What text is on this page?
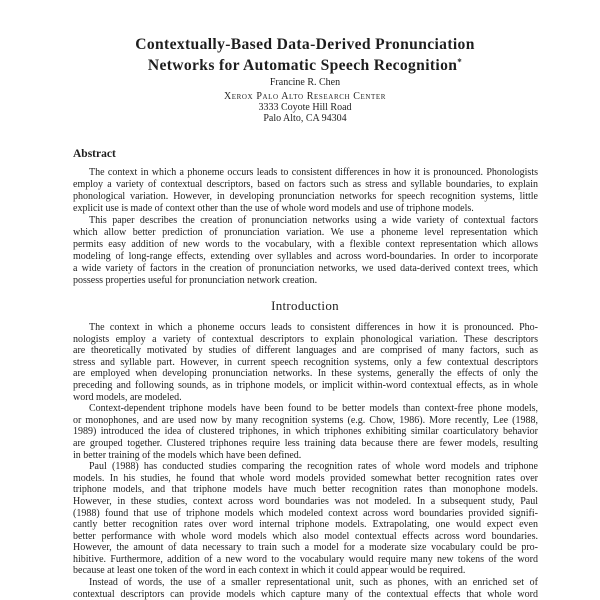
Contextually-Based Data-Derived Pronunciation
Networks for Automatic Speech Recognition*
Francine R. Chen
Xerox Palo Alto Research Center
3333 Coyote Hill Road
Palo Alto, CA 94304
Abstract
The context in which a phoneme occurs leads to consistent differences in how it is pronounced. Phonologists
employ a variety of contextual descriptors, based on factors such as stress and syllable boundaries, to explain
phonological variation. However, in developing pronunciation networks for speech recognition systems, little
explicit use is made of context other than the use of whole word models and use of triphone models.
This paper describes the creation of pronunciation networks using a wide variety of contextual factors
which allow better prediction of pronunciation variation. We use a phoneme level representation which
permits easy addition of new words to the vocabulary, with a flexible context representation which allows
modeling of long-range effects, extending over syllables and across word-boundaries. In order to incorporate
a wide variety of factors in the creation of pronunciation networks, we used data-derived context trees, which
possess properties useful for pronunciation network creation.
Introduction
The context in which a phoneme occurs leads to consistent differences in how it is pronounced. Pho-
nologists employ a variety of contextual descriptors to explain phonological variation. These descriptors
are theoretically motivated by studies of different languages and are comprised of many factors, such as
stress and syllable part. However, in current speech recognition systems, only a few contextual descriptors
are employed when developing pronunciation networks. In these systems, generally the effects of only the
preceding and following sounds, as in triphone models, or implicit within-word contextual effects, as in whole
word models, are modeled.
Context-dependent triphone models have been found to be better models than context-free phone models,
or monophones, and are used now by many recognition systems (e.g. Chow, 1986). More recently, Lee (1988,
1989) introduced the idea of clustered triphones, in which triphones exhibiting similar coarticulatory behavior
are grouped together. Clustered triphones require less training data because there are fewer models, resulting
in better training of the models which have been defined.
Paul (1988) has conducted studies comparing the recognition rates of whole word models and triphone
models. In his studies, he found that whole word models provided somewhat better recognition rates over
triphone models, and that triphone models have much better recognition rates than monophone models.
However, in these studies, context across word boundaries was not modeled. In a subsequent study, Paul
(1988) found that use of triphone models which modeled context across word boundaries provided signifi-
cantly better recognition rates over word internal triphone models. Extrapolating, one would expect even
better performance with whole word models which also model contextual effects across word boundaries.
However, the amount of data necessary to train such a model for a moderate size vocabulary could be pro-
hibitive. Furthermore, addition of a new word to the vocabulary would require many new tokens of the word
because at least one token of the word in each context in which it could appear would be required.
Instead of words, the use of a smaller representational unit, such as phones, with an enriched set of
contextual descriptors can provide models which capture many of the contextual effects that whole word
